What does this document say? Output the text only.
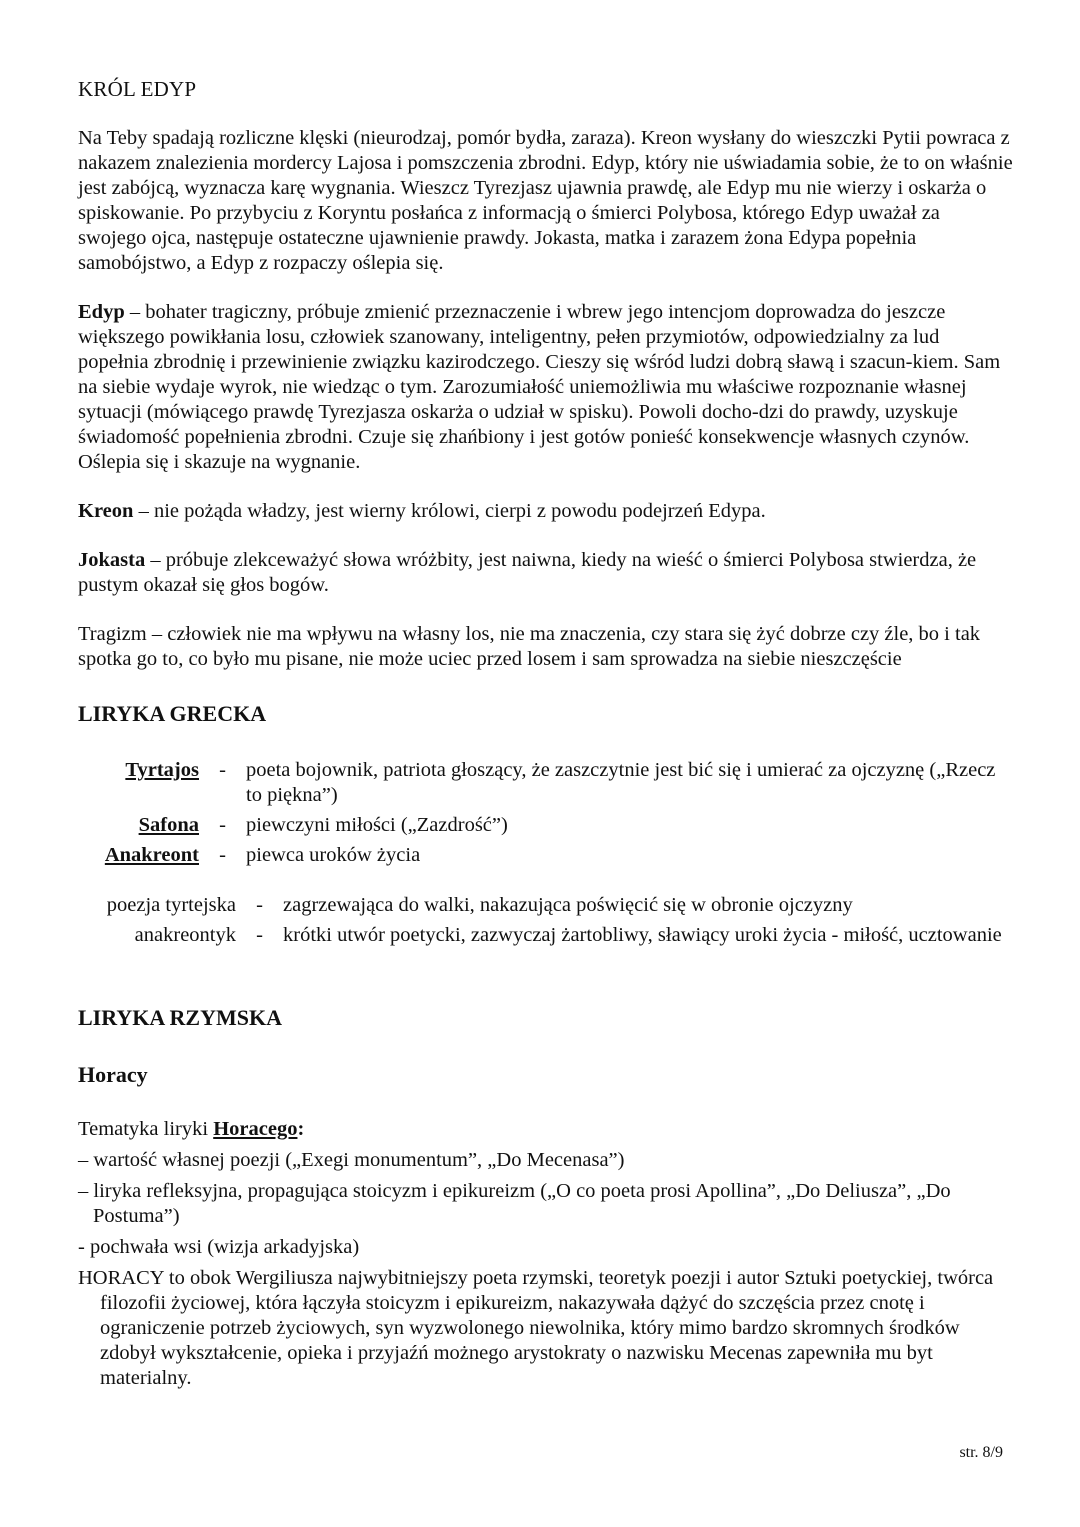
KRÓL EDYP

Na Teby spadają rozliczne klęski (nieurodzaj, pomór bydła, zaraza). Kreon wysłany do wieszczki Pytii powraca z nakazem znalezienia mordercy Lajosa i pomszczenia zbrodni. Edyp, który nie uświadamia sobie, że to on właśnie jest zabójcą, wyznacza karę wygnania. Wieszcz Tyrezjasz ujawnia prawdę, ale Edyp mu nie wierzy i oskarża o spiskowanie. Po przybyciu z Koryntu posłańca z informacją o śmierci Polybosa, którego Edyp uważał za swojego ojca, następuje ostateczne ujawnienie prawdy. Jokasta, matka i zarazem żona Edypa popełnia samobójstwo, a Edyp z rozpaczy oślepia się.

Edyp – bohater tragiczny, próbuje zmienić przeznaczenie i wbrew jego intencjom doprowadza do jeszcze większego powikłania losu, człowiek szanowany, inteligentny, pełen przymiotów, odpowiedzialny za lud popełnia zbrodnię i przewinienie związku kazirodczego. Cieszy się wśród ludzi dobrą sławą i szacun-kiem. Sam na siebie wydaje wyrok, nie wiedząc o tym. Zarozumiałość uniemożliwia mu właściwe rozpoznanie własnej sytuacji (mówiącego prawdę Tyrezjasza oskarża o udział w spisku). Powoli docho-dzi do prawdy, uzyskuje świadomość popełnienia zbrodni. Czuje się zhańbiony i jest gotów ponieść konsekwencje własnych czynów. Oślepia się i skazuje na wygnanie.

Kreon – nie pożąda władzy, jest wierny królowi, cierpi z powodu podejrzeń Edypa.

Jokasta – próbuje zlekceważyć słowa wróżbity, jest naiwna, kiedy na wieść o śmierci Polybosa stwierdza, że pustym okazał się głos bogów.

Tragizm – człowiek nie ma wpływu na własny los, nie ma znaczenia, czy stara się żyć dobrze czy źle, bo i tak spotka go to, co było mu pisane, nie może uciec przed losem i sam sprowadza na siebie nieszczęście

LIRYKA GRECKA

Tyrtajos - poeta bojownik, patriota głoszący, że zaszczytnie jest bić się i umierać za ojczyznę („Rzecz to piękna”)
Safona - piewczyni miłości („Zazdrość”)
Anakreont - piewca uroków życia
poezja tyrtejska - zagrzewająca do walki, nakazująca poświęcić się w obronie ojczyzny
anakreontyk - krótki utwór poetycki, zazwyczaj żartobliwy, sławiący uroki życia - miłość, ucztowanie

LIRYKA RZYMSKA

Horacy

Tematyka liryki Horacego:

– wartość własnej poezji („Exegi monumentum”, „Do Mecenasa”)

– liryka refleksyjna, propagująca stoicyzm i epikureizm („O co poeta prosi Apollina”, „Do Deliusza”, „Do Postuma”)

- pochwała wsi (wizja arkadyjska)

HORACY to obok Wergiliusza najwybitniejszy poeta rzymski, teoretyk poezji i autor Sztuki poetyckiej, twórca filozofii życiowej, która łączyła stoicyzm i epikureizm, nakazywała dążyć do szczęścia przez cnotę i ograniczenie potrzeb życiowych, syn wyzwolonego niewolnika, który mimo bardzo skromnych środków zdobył wykształcenie, opieka i przyjaźń możnego arystokraty o nazwisku Mecenas zapewniła mu byt materialny.

str. 8/9
